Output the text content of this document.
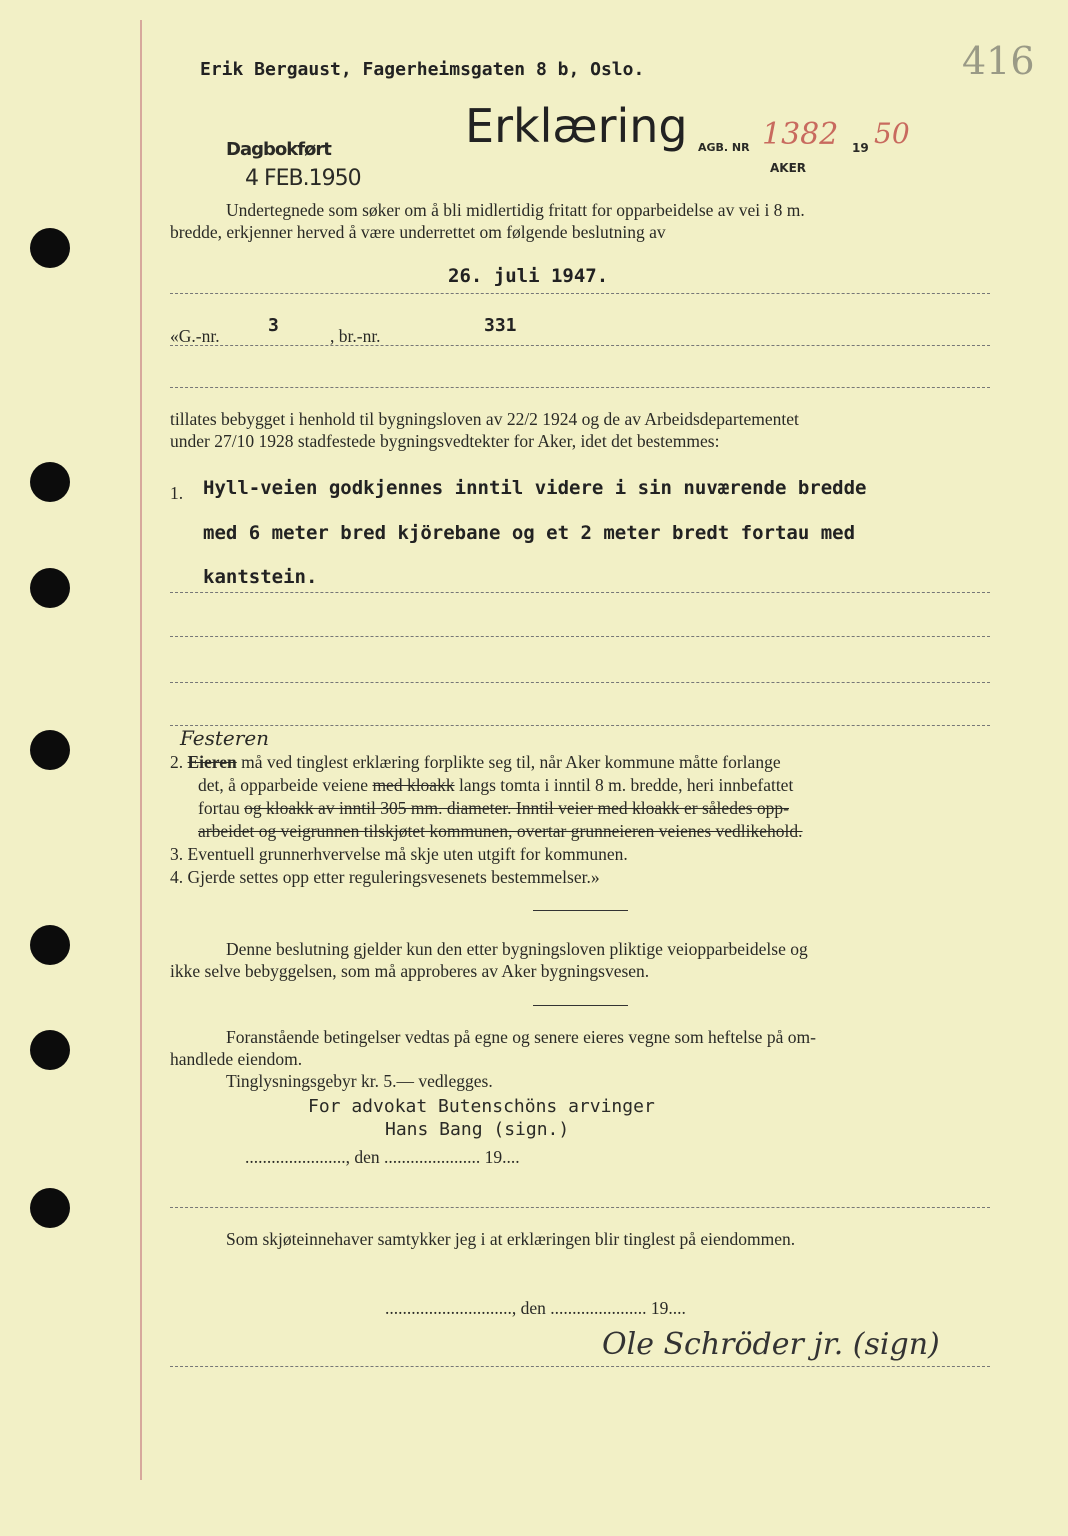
416
Erik Bergaust, Fagerheimsgaten 8 b, Oslo.
Erklæring
Dagbokført
4 FEB.1950
AGB. NR 1382 19 50
AKER
Undertegnede som søker om å bli midlertidig fritatt for opparbeidelse av vei i 8 m.
bredde, erkjenner herved å være underrettet om følgende beslutning av
26. juli 1947.
«G.-nr.	3	, br.-nr.	331
tillates bebygget i henhold til bygningsloven av 22/2 1924 og de av Arbeidsdepartementet
under 27/10 1928 stadfestede bygningsvedtekter for Aker, idet det bestemmes:
1. Hyll-veien godkjennes inntil videre i sin nuværende bredde
med 6 meter bred kjörebane og et 2 meter bredt fortau med
kantstein.
Festeren
2. Eieren må ved tinglest erklæring forplikte seg til, når Aker kommune måtte forlange
det, å opparbeide veiene med kloakk langs tomta i inntil 8 m. bredde, heri innbefattet
fortau og kloakk av inntil 305 mm. diameter. Inntil veier med kloakk er således opp-
arbeidet og veigrunnen tilskjøtet kommunen, overtar grunneieren veienes vedlikehold.
3. Eventuell grunnerhvervelse må skje uten utgift for kommunen.
4. Gjerde settes opp etter reguleringsvesenets bestemmelser.»
Denne beslutning gjelder kun den etter bygningsloven pliktige veiopparbeidelse og
ikke selve bebyggelsen, som må approberes av Aker bygningsvesen.
Foranstående betingelser vedtas på egne og senere eieres vegne som heftelse på om-
handlede eiendom.
Tinglysningsgebyr kr. 5.— vedlegges.
For advokat Butenschöns arvinger
Hans Bang (sign.)
......................., den ...................... 19....
Som skjøteinnehaver samtykker jeg i at erklæringen blir tinglest på eiendommen.
............................., den ...................... 19....
Ole Schröder jr. (sign)
